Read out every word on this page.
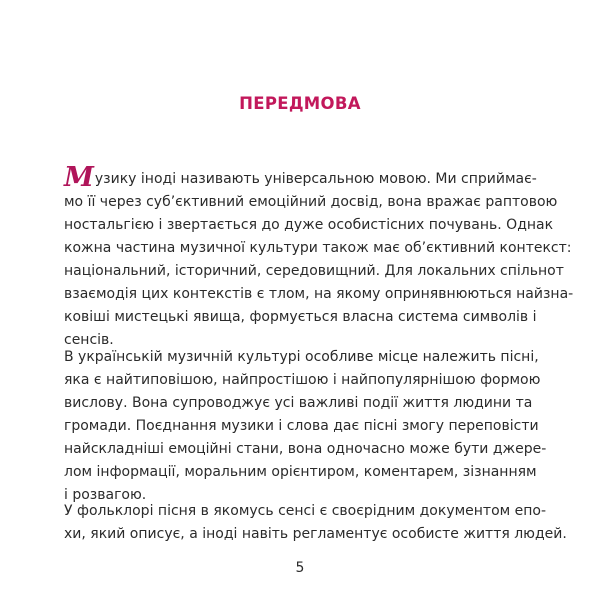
ПЕРЕДМОВА
Музику іноді називають універсальною мовою. Ми сприймає-
мо її через суб’єктивний емоційний досвід, вона вражає раптовою
ностальгією і звертається до дуже особистісних почувань. Однак
кожна частина музичної культури також має об’єктивний контекст:
національний, історичний, середовищний. Для локальних спільнот
взаємодія цих контекстів є тлом, на якому опринявнюються найзна-
ковіші мистецькі явища, формується власна система символів і
сенсів.
В українській музичній культурі особливе місце належить пісні,
яка є найтиповішою, найпростішою і найпопулярнішою формою
вислову. Вона супроводжує усі важливі події життя людини та
громади. Поєднання музики і слова дає пісні змогу переповісти
найскладніші емоційні стани, вона одночасно може бути джере-
лом інформації, моральним орієнтиром, коментарем, зізнанням
і розвагою.
У фольклорі пісня в якомусь сенсі є своєрідним документом епо-
хи, який описує, а іноді навіть регламентує особисте життя людей.
5
